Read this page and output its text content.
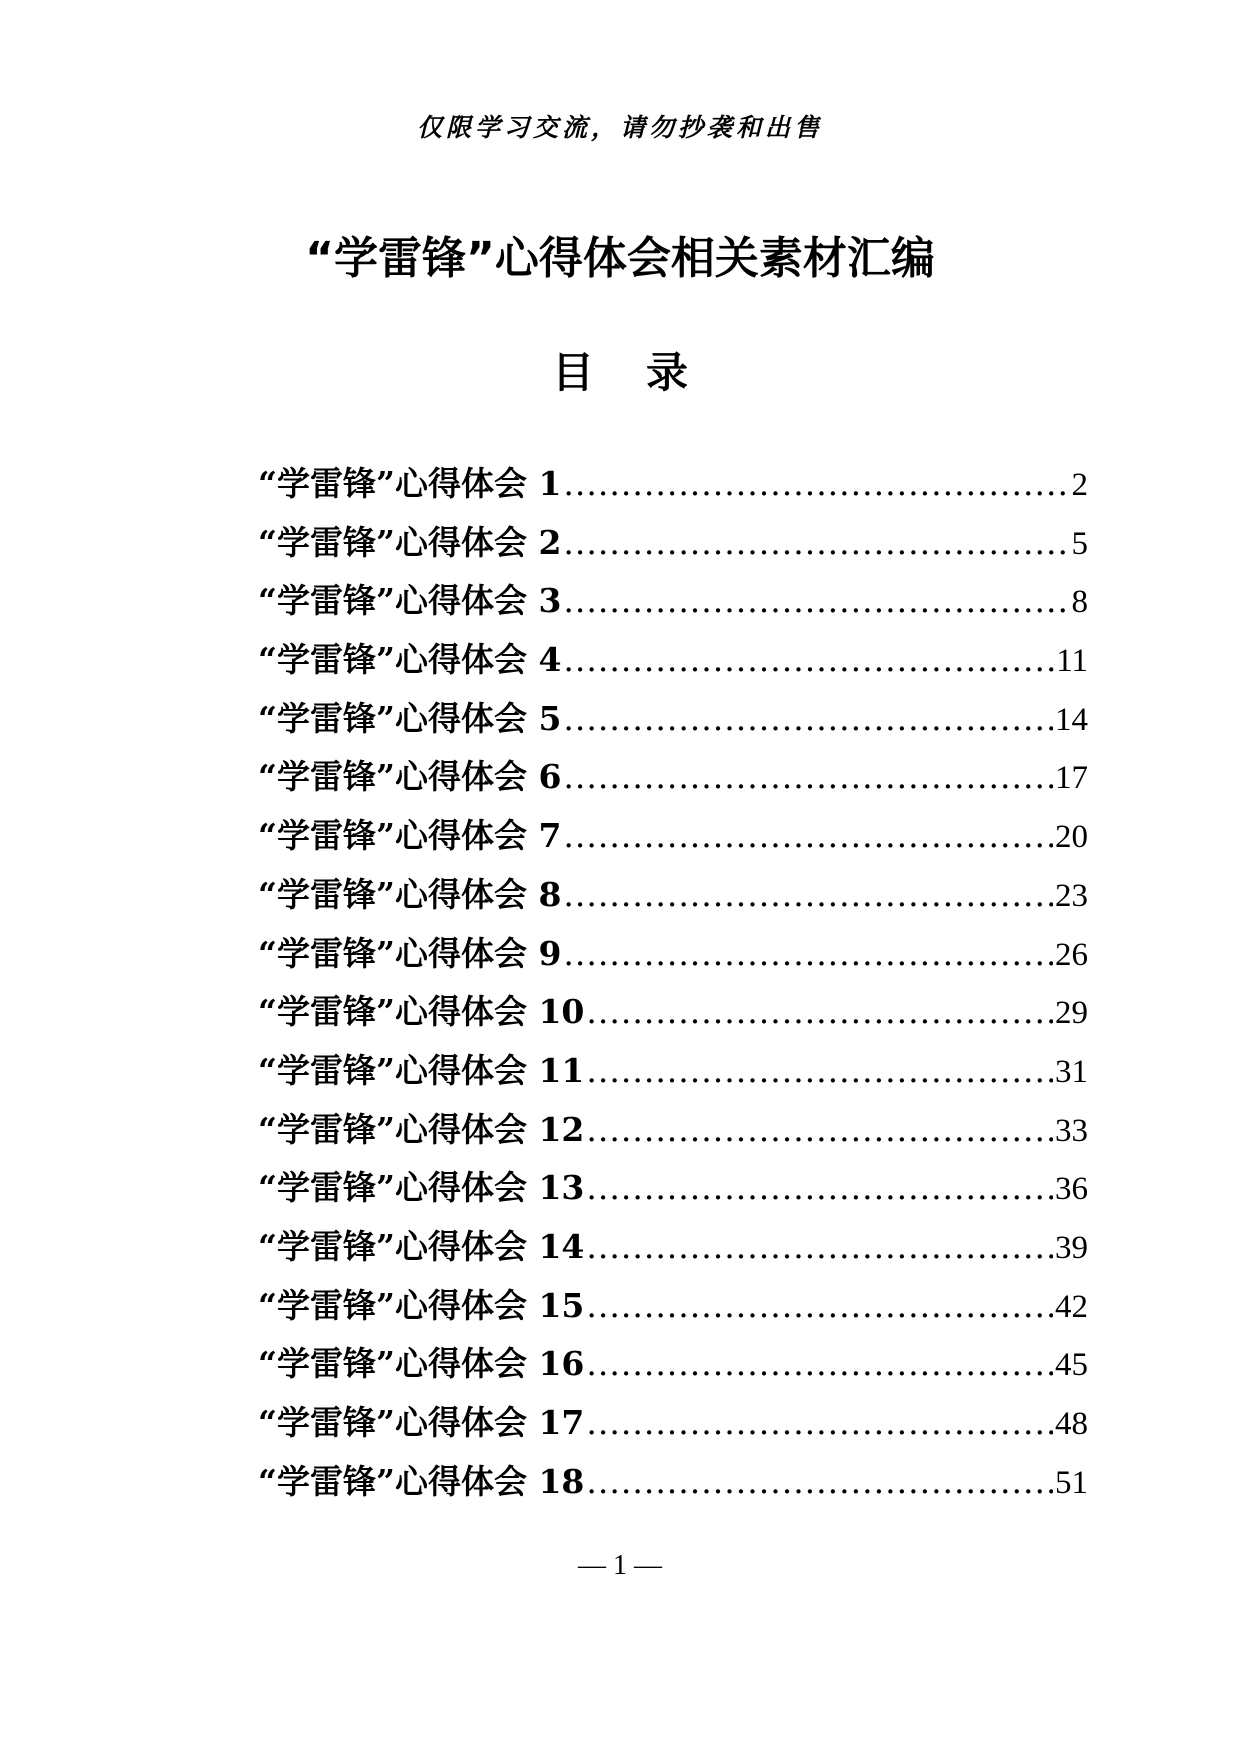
仅限学习交流，请勿抄袭和出售
“学雷锋”心得体会相关素材汇编
目 录
“学雷锋”心得体会 1 .....	2
“学雷锋”心得体会 2 .....	5
“学雷锋”心得体会 3 .....	8
“学雷锋”心得体会 4 .....	11
“学雷锋”心得体会 5 .....	14
“学雷锋”心得体会 6 .....	17
“学雷锋”心得体会 7 .....	20
“学雷锋”心得体会 8 .....	23
“学雷锋”心得体会 9 .....	26
“学雷锋”心得体会 10 .....	29
“学雷锋”心得体会 11 .....	31
“学雷锋”心得体会 12 .....	33
“学雷锋”心得体会 13 .....	36
“学雷锋”心得体会 14 .....	39
“学雷锋”心得体会 15 .....	42
“学雷锋”心得体会 16 .....	45
“学雷锋”心得体会 17 .....	48
“学雷锋”心得体会 18 .....	51
— 1 —
